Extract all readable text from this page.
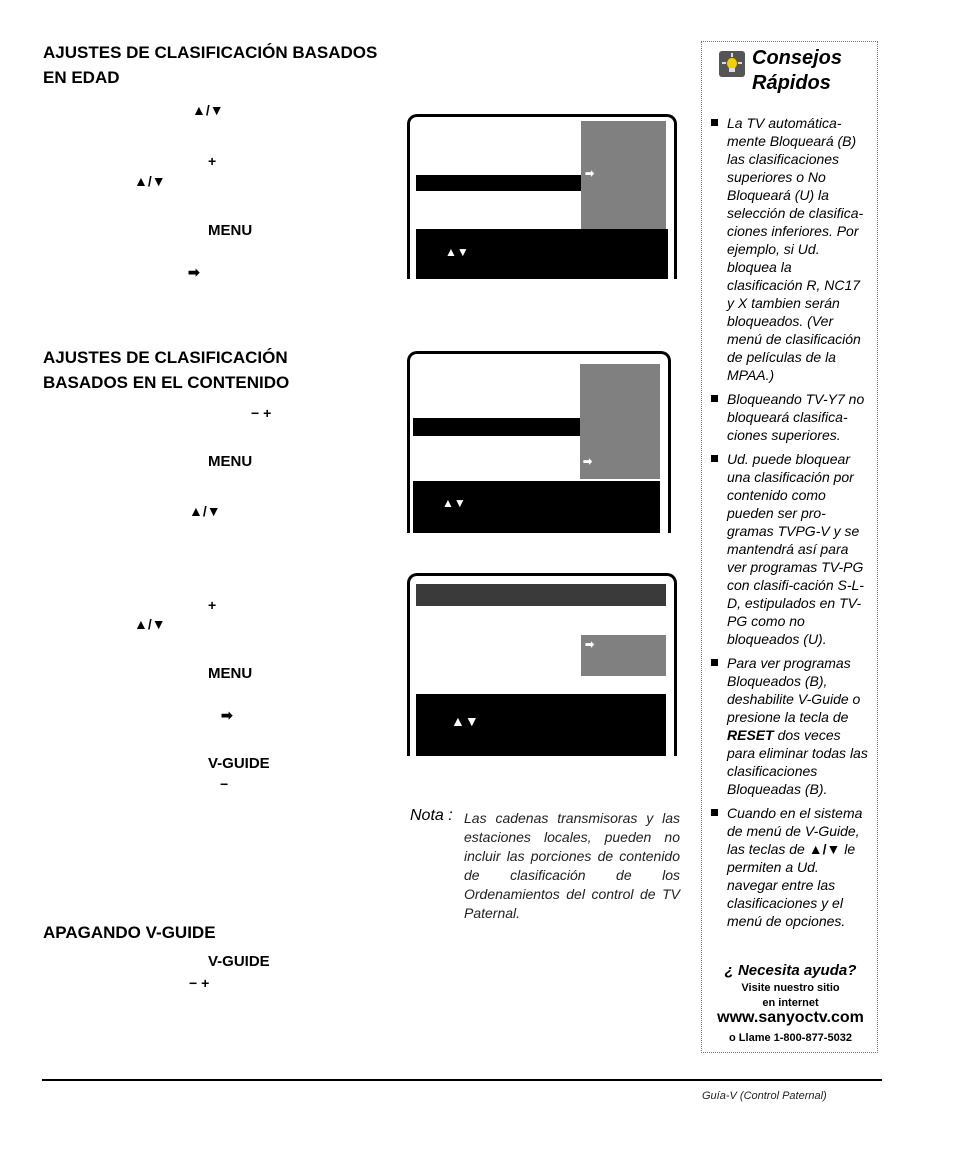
AJUSTES DE CLASIFICACIÓN BASADOS
EN EDAD
▲/▼
+
▲/▼
MENU
➡
➡
▲▼
AJUSTES DE CLASIFICACIÓN
BASADOS EN EL CONTENIDO
− +
MENU
▲/▼
+
▲/▼
MENU
➡
V-GUIDE
−
➡
▲▼
➡
▲▼
Nota : Las cadenas transmisoras y las estaciones locales, pueden no incluir las porciones de contenido de clasificación de los Ordenamientos del control de TV Paternal.
APAGANDO V-GUIDE
V-GUIDE
− +
Consejos
Rápidos
La TV automática-mente Bloqueará (B) las clasificaciones superiores o No Bloqueará (U) la selección de clasifica-ciones inferiores. Por ejemplo, si Ud. bloquea la clasificación R, NC17 y X tambien serán bloqueados. (Ver menú de clasificación de películas de la MPAA.)
Bloqueando TV-Y7 no bloqueará clasifica-ciones superiores.
Ud. puede bloquear una clasificación por contenido como pueden ser pro-gramas TVPG-V y se mantendrá así para ver programas TV-PG con clasifi-cación S-L-D, estipulados en TV-PG como no bloqueados (U).
Para ver programas Bloqueados (B), deshabilite V-Guide o presione la tecla de RESET dos veces para eliminar todas las clasificaciones Bloqueadas (B).
Cuando en el sistema de menú de V-Guide, las teclas de ▲/▼ le permiten a Ud. navegar entre las clasificaciones y el menú de opciones.
¿ Necesita ayuda?
Visite nuestro sitio
en internet
www.sanyoctv.com
o Llame 1-800-877-5032
Guía-V (Control Paternal)
